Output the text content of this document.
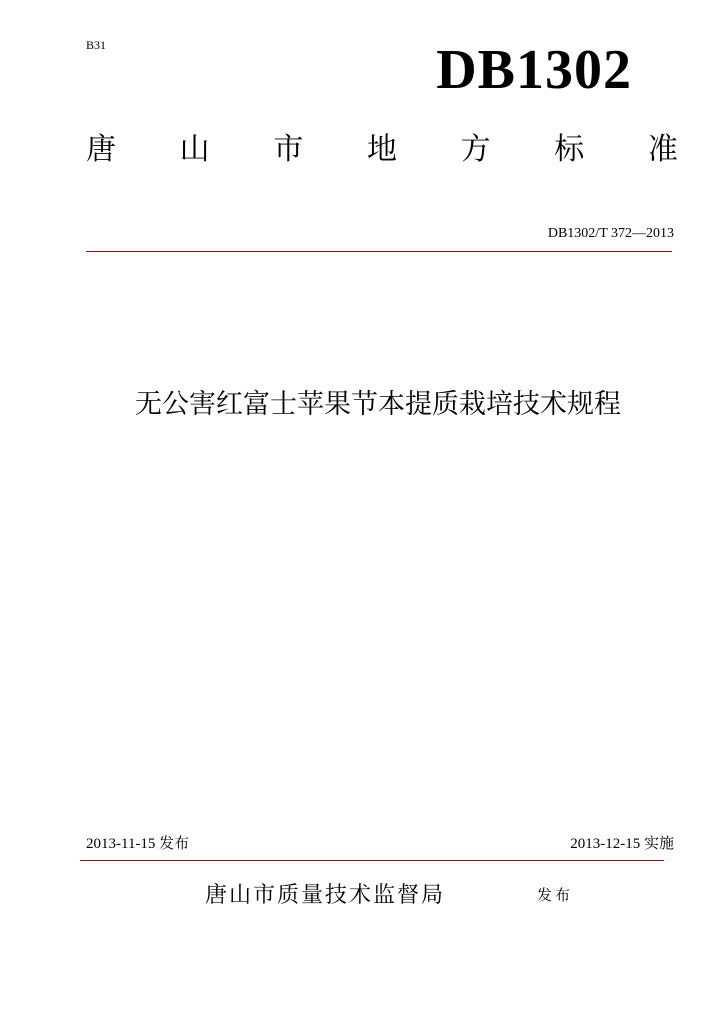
B31	DB1302
唐 山 市 地 方 标 准
DB1302/T 372—2013
无公害红富士苹果节本提质栽培技术规程
2013-11-15 发布	2013-12-15 实施
唐山市质量技术监督局	发布
